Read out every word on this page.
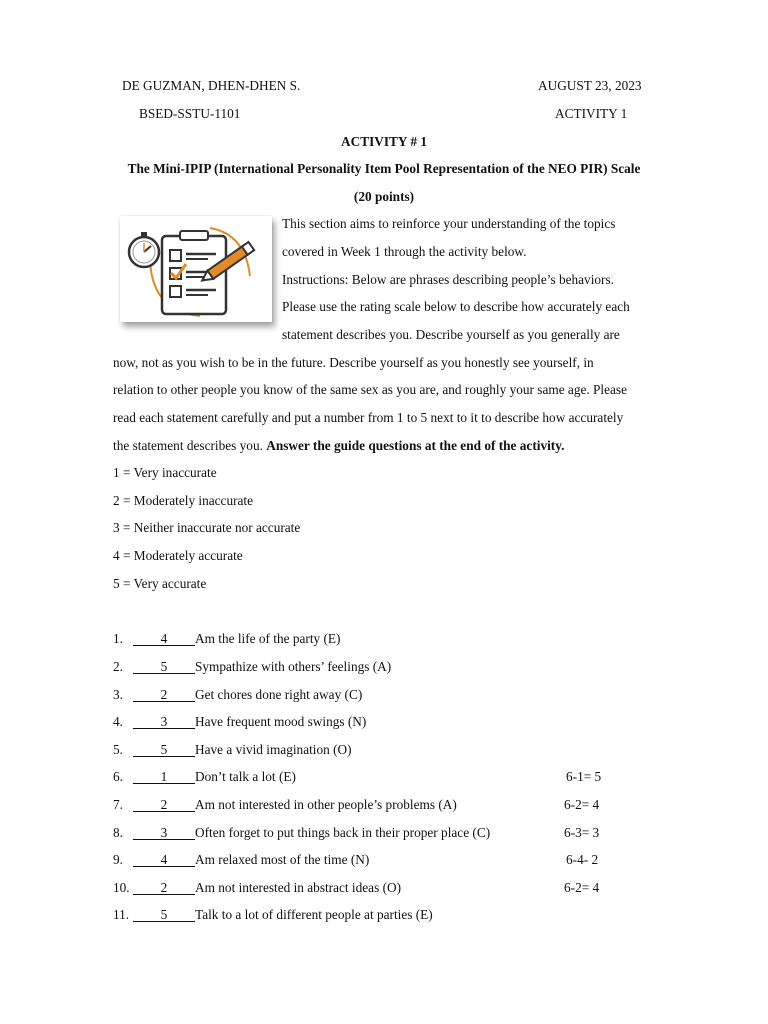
DE GUZMAN, DHEN-DHEN S.	AUGUST 23, 2023
BSED-SSTU-1101	ACTIVITY 1
ACTIVITY # 1
The Mini-IPIP (International Personality Item Pool Representation of the NEO PIR) Scale
(20 points)
This section aims to reinforce your understanding of the topics
covered in Week 1 through the activity below.
Instructions: Below are phrases describing people’s behaviors.
Please use the rating scale below to describe how accurately each
statement describes you. Describe yourself as you generally are
now, not as you wish to be in the future. Describe yourself as you honestly see yourself, in
relation to other people you know of the same sex as you are, and roughly your same age. Please
read each statement carefully and put a number from 1 to 5 next to it to describe how accurately
the statement describes you. Answer the guide questions at the end of the activity.
1 = Very inaccurate
2 = Moderately inaccurate
3 = Neither inaccurate nor accurate
4 = Moderately accurate
5 = Very accurate
1.	4 Am the life of the party (E)
2.	5 Sympathize with others’ feelings (A)
3.	2 Get chores done right away (C)
4.	3 Have frequent mood swings (N)
5.	5 Have a vivid imagination (O)
6.	1 Don’t talk a lot (E)	6-1= 5
7.	2 Am not interested in other people’s problems (A)	6-2= 4
8.	3 Often forget to put things back in their proper place (C)	6-3= 3
9.	4 Am relaxed most of the time (N)	6-4- 2
10. 2 Am not interested in abstract ideas (O)	6-2= 4
11. 5 Talk to a lot of different people at parties (E)
